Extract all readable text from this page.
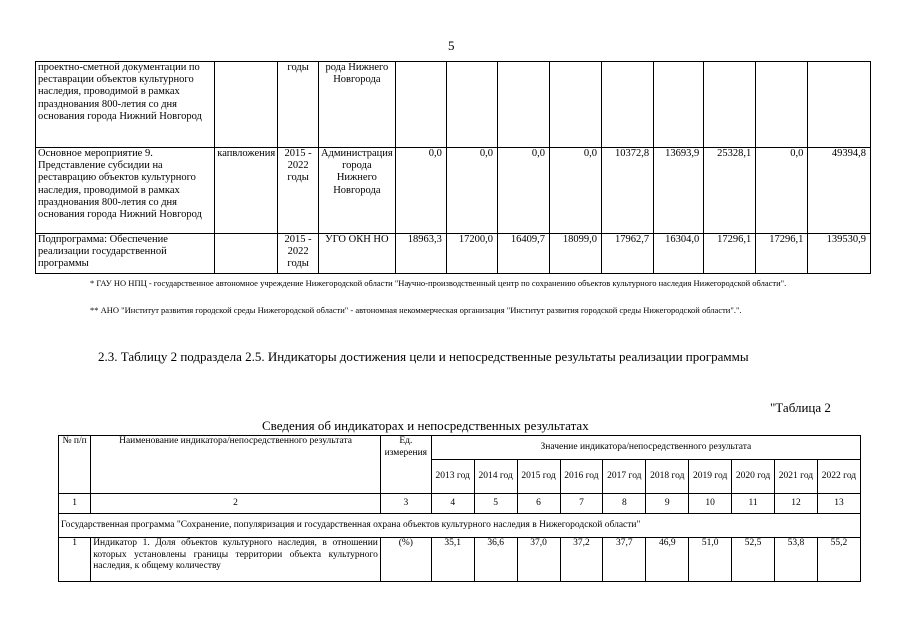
5
проектно-сметной документации по реставрации объектов культурного наследия, проводимой в рамках празднования 800-летия со дня основания города Нижний Новгород		годы	рода Нижнего Новгорода									
Основное мероприятие 9. Представление субсидии на реставрацию объектов культурного наследия, проводимой в рамках празднования 800-летия со дня основания города Нижний Новгород	капвложения	2015 - 2022 годы	Администрация города Нижнего Новгорода	0,0	0,0	0,0	0,0	10372,8	13693,9	25328,1	0,0	49394,8
Подпрограмма: Обеспечение реализации государственной программы		2015 - 2022 годы	УГО ОКН НО	18963,3	17200,0	16409,7	18099,0	17962,7	16304,0	17296,1	17296,1	139530,9
* ГАУ НО НПЦ - государственное автономное учреждение Нижегородской области "Научно-производственный центр по сохранению объектов культурного наследия Нижегородской области".
** АНО "Институт развития городской среды Нижегородской области" - автономная некоммерческая организация "Институт развития городской среды Нижегородской области".".
2.3. Таблицу 2 подраздела 2.5. Индикаторы достижения цели и непосредственные результаты реализации программы
"Таблица 2
Сведения об индикаторах и непосредственных результатах
№ п/п	Наименование индикатора/непосредственного результата	Ед. измерения	Значение индикатора/непосредственного результата									
			2013 год	2014 год	2015 год	2016 год	2017 год	2018 год	2019 год	2020 год	2021 год	2022 год
1	2	3	4	5	6	7	8	9	10	11	12	13
Государственная программа "Сохранение, популяризация и государственная охрана объектов культурного наследия в Нижегородской области"												
1	Индикатор 1. Доля объектов культурного наследия, в отношении которых установлены границы территории объекта культурного наследия, к общему количеству	(%)	35,1	36,6	37,0	37,2	37,7	46,9	51,0	52,5	53,8	55,2
